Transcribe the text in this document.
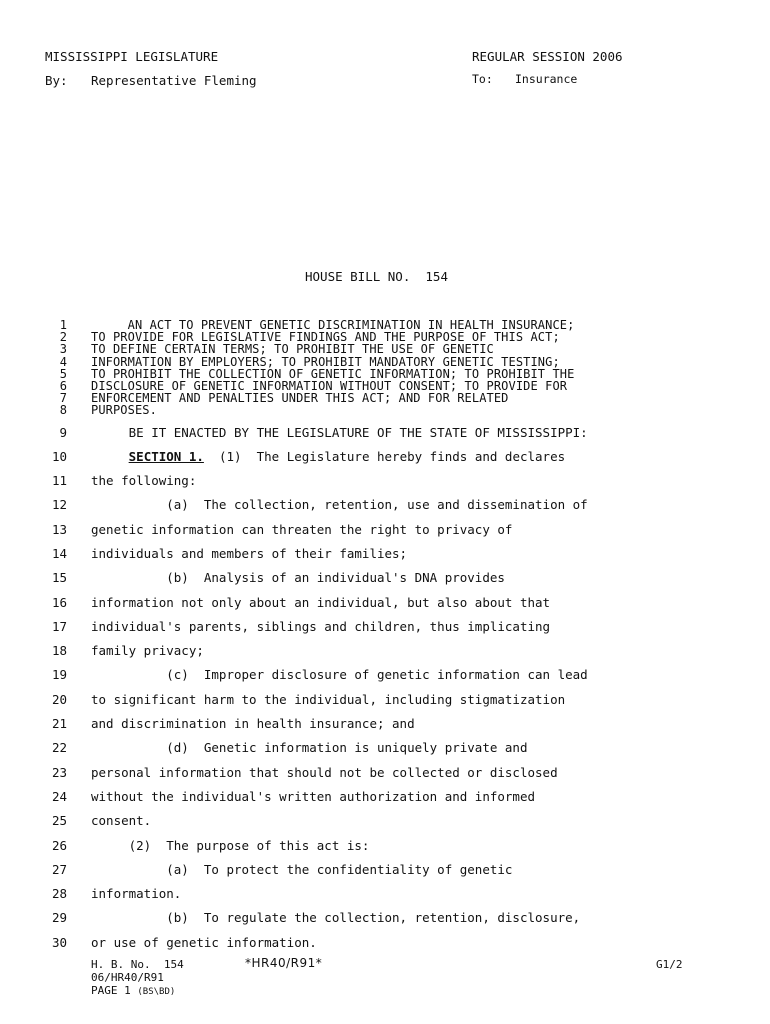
MISSISSIPPI LEGISLATURE	REGULAR SESSION 2006
By: Representative Fleming	To: Insurance
HOUSE BILL NO.  154
1 AN ACT TO PREVENT GENETIC DISCRIMINATION IN HEALTH INSURANCE;
2 TO PROVIDE FOR LEGISLATIVE FINDINGS AND THE PURPOSE OF THIS ACT;
3 TO DEFINE CERTAIN TERMS; TO PROHIBIT THE USE OF GENETIC
4 INFORMATION BY EMPLOYERS; TO PROHIBIT MANDATORY GENETIC TESTING;
5 TO PROHIBIT THE COLLECTION OF GENETIC INFORMATION; TO PROHIBIT THE
6 DISCLOSURE OF GENETIC INFORMATION WITHOUT CONSENT; TO PROVIDE FOR
7 ENFORCEMENT AND PENALTIES UNDER THIS ACT; AND FOR RELATED
8 PURPOSES.
9 BE IT ENACTED BY THE LEGISLATURE OF THE STATE OF MISSISSIPPI:
10	SECTION 1.  (1)  The Legislature hereby finds and declares
11 the following:
12 (a)  The collection, retention, use and dissemination of
13 genetic information can threaten the right to privacy of
14 individuals and members of their families;
15 (b)  Analysis of an individual's DNA provides
16 information not only about an individual, but also about that
17 individual's parents, siblings and children, thus implicating
18 family privacy;
19 (c)  Improper disclosure of genetic information can lead
20 to significant harm to the individual, including stigmatization
21 and discrimination in health insurance; and
22 (d)  Genetic information is uniquely private and
23 personal information that should not be collected or disclosed
24 without the individual's written authorization and informed
25 consent.
26 (2)  The purpose of this act is:
27 (a)  To protect the confidentiality of genetic
28 information.
29 (b)  To regulate the collection, retention, disclosure,
30 or use of genetic information.
H. B. No.  154	*HR40/R91*	G1/2
06/HR40/R91
PAGE 1 (BS\BD)
